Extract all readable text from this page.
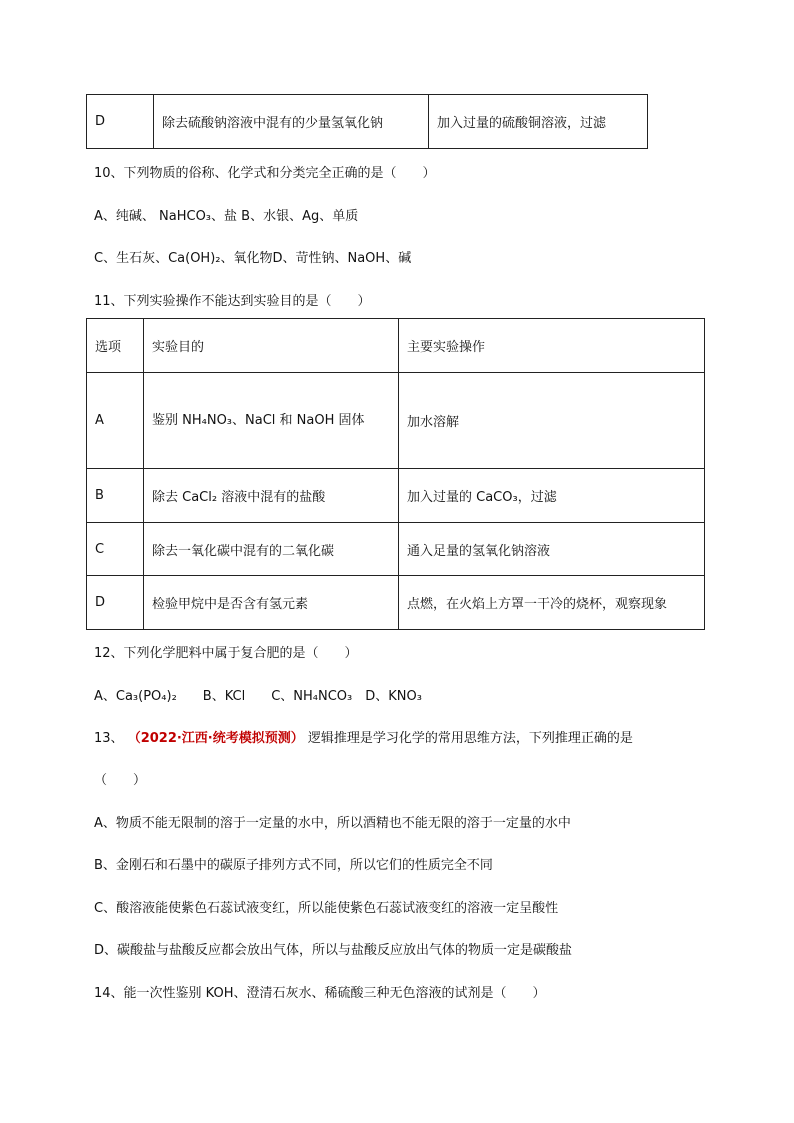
D	除去硫酸钠溶液中混有的少量氢氧化钠	加入过量的硫酸铜溶液，过滤
10、下列物质的俗称、化学式和分类完全正确的是（　　）
A、纯碱、 NaHCO₃、盐 B、水银、Ag、单质
C、生石灰、Ca(OH)₂、氧化物D、苛性钠、NaOH、碱
11、下列实验操作不能达到实验目的是（　　）
选项	实验目的	主要实验操作
A	鉴别 NH₄NO₃、NaCl 和 NaOH 固体	加水溶解
B	除去 CaCl₂ 溶液中混有的盐酸	加入过量的 CaCO₃，过滤
C	除去一氧化碳中混有的二氧化碳	通入足量的氢氧化钠溶液
D	检验甲烷中是否含有氢元素	点燃，在火焰上方罩一干冷的烧杯，观察现象
12、下列化学肥料中属于复合肥的是（　　）
A、Ca₃(PO₄)₂　　B、KCl　　C、NH₄NCO₃　D、KNO₃
13、 （2022·江西·统考模拟预测） 逻辑推理是学习化学的常用思维方法，下列推理正确的是
（　　）
A、物质不能无限制的溶于一定量的水中，所以酒精也不能无限的溶于一定量的水中
B、金刚石和石墨中的碳原子排列方式不同，所以它们的性质完全不同
C、酸溶液能使紫色石蕊试液变红，所以能使紫色石蕊试液变红的溶液一定呈酸性
D、碳酸盐与盐酸反应都会放出气体，所以与盐酸反应放出气体的物质一定是碳酸盐
14、能一次性鉴别 KOH、澄清石灰水、稀硫酸三种无色溶液的试剂是（　　）
